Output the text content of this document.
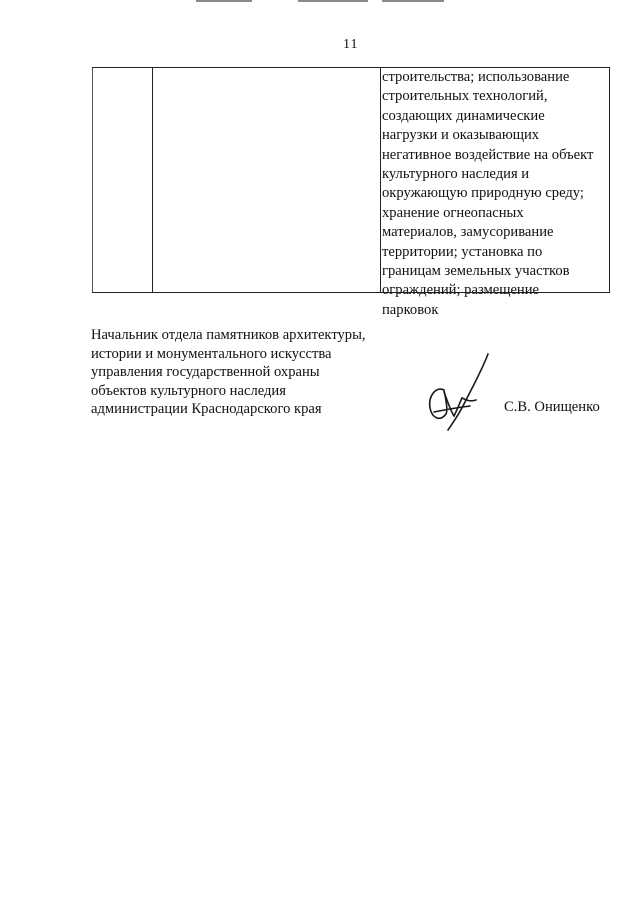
11
строительства; использование
строительных технологий,
создающих динамические
нагрузки и оказывающих
негативное воздействие на объект
культурного наследия и
окружающую природную среду;
хранение огнеопасных
материалов, замусоривание
территории; установка по
границам земельных участков
ограждений; размещение
парковок
Начальник отдела памятников архитектуры,
истории и монументального искусства
управления государственной охраны
объектов культурного наследия
администрации Краснодарского края	С.В. Онищенко
